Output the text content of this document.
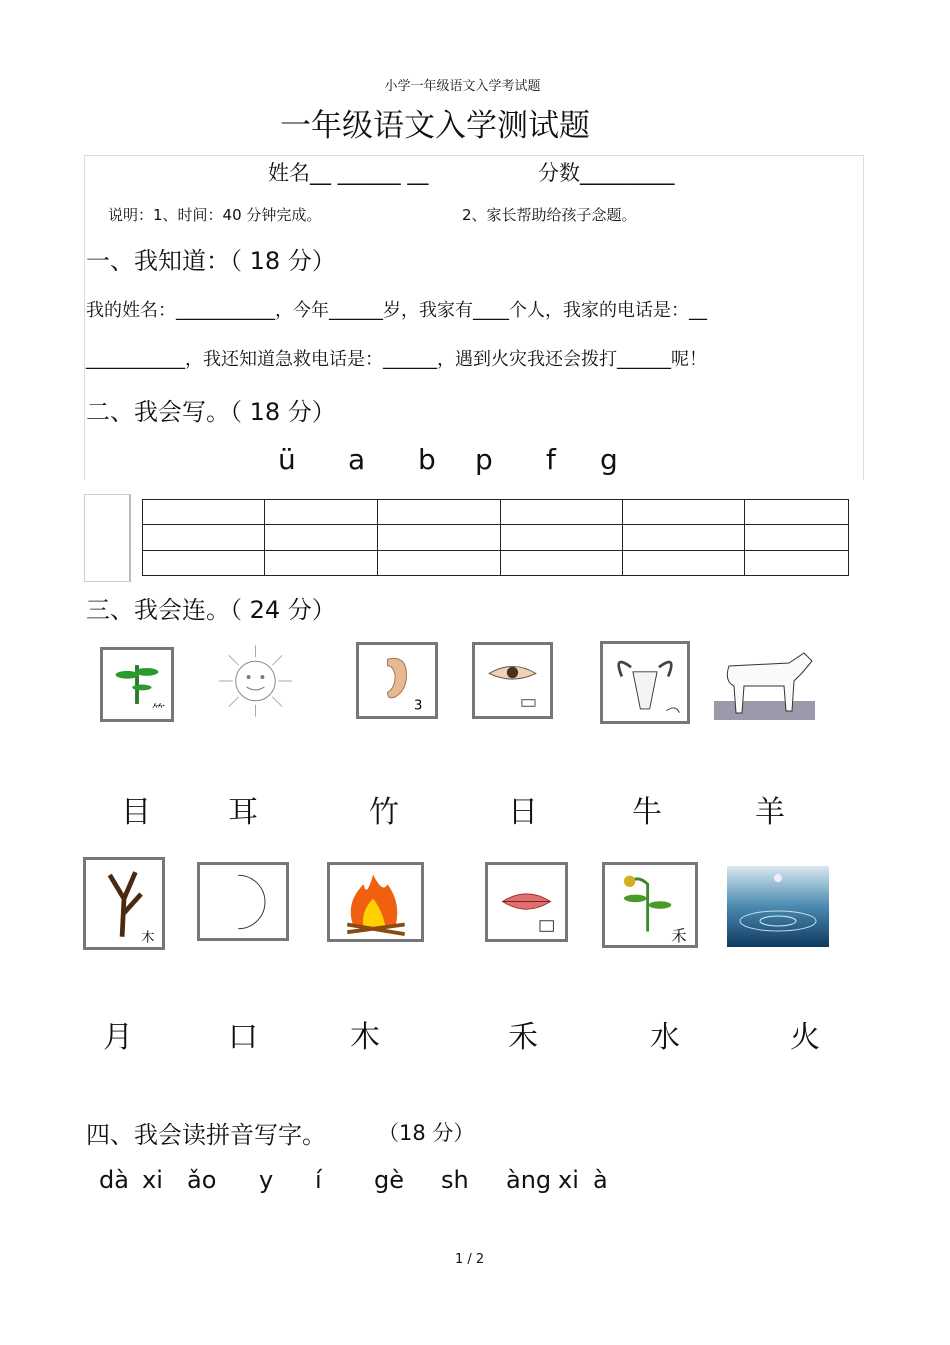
小学一年级语文入学考试题
一年级语文入学测试题
姓名__ ______ __	分数_________
说明：1、时间：40 分钟完成。	2、家长帮助给孩子念题。
一、我知道：（ 18 分）
我的姓名：___________，今年______岁，我家有____个人，我家的电话是：__
___________，我还知道急救电话是：______，遇到火灾我还会拨打______呢！
二、我会写。（ 18 分）
ü a b p f g

三、我会连。（ 24 分）
⺮	3
目	耳	竹	日	牛	羊
木	禾
月	口	木	禾	水	火
四、我会读拼音写字。 （18 分）
dà xi ǎo y í gè sh àng xi à
1 / 2
